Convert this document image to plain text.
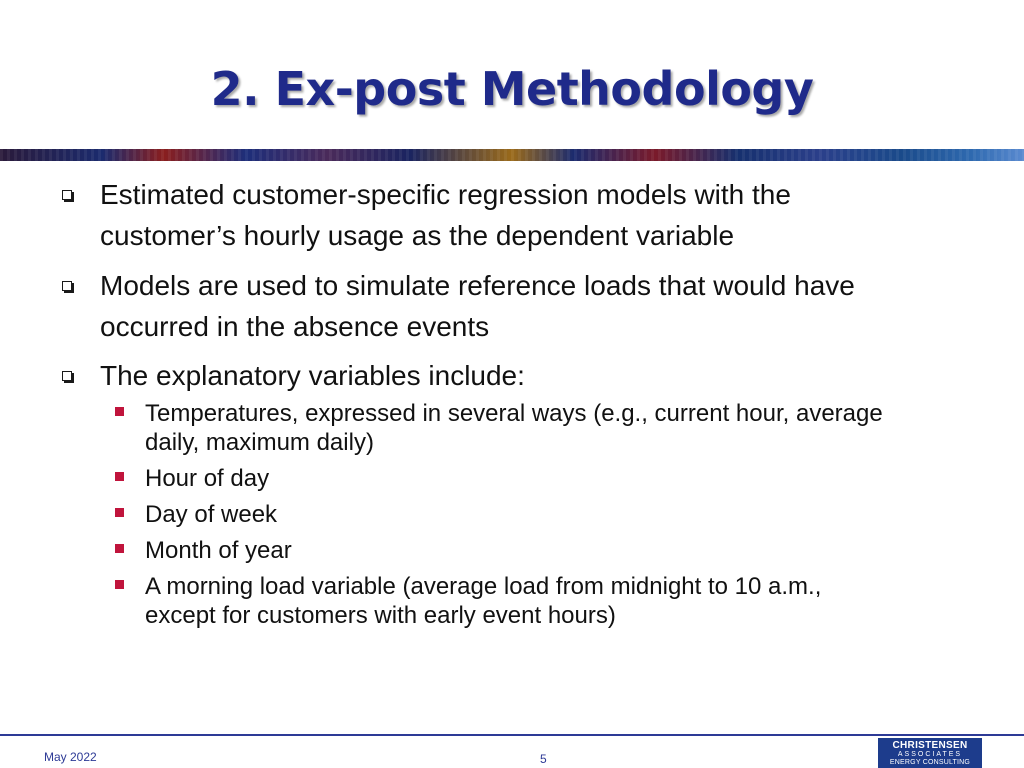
2. Ex-post Methodology
Estimated customer-specific regression models with the
customer’s hourly usage as the dependent variable
Models are used to simulate reference loads that would have
occurred in the absence events
The explanatory variables include:
Temperatures, expressed in several ways (e.g., current hour, average
daily, maximum daily)
Hour of day
Day of week
Month of year
A morning load variable (average load from midnight to 10 a.m.,
except for customers with early event hours)
May 2022	5
CHRISTENSEN
ASSOCIATES
ENERGY CONSULTING
